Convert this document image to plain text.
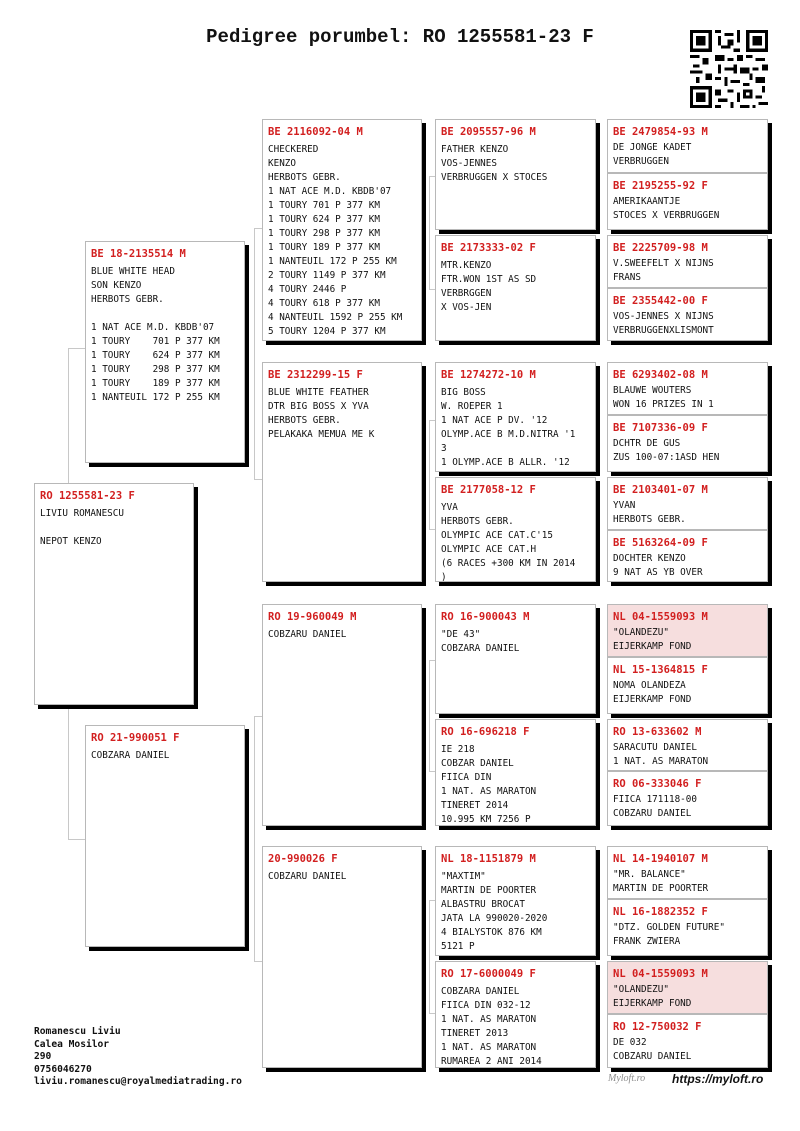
Pedigree porumbel: RO 1255581-23 F
RO 1255581-23 F
LIVIU ROMANESCU

NEPOT KENZO
BE 18-2135514 M
BLUE WHITE HEAD
SON KENZO
HERBOTS GEBR.

1 NAT ACE M.D. KBDB'07
1 TOURY    701 P 377 KM
1 TOURY    624 P 377 KM
1 TOURY    298 P 377 KM
1 TOURY    189 P 377 KM
1 NANTEUIL 172 P 255 KM
RO 21-990051 F
COBZARA DANIEL
BE 2116092-04 M
CHECKERED
KENZO
HERBOTS GEBR.
1 NAT ACE M.D. KBDB'07
1 TOURY 701 P 377 KM
1 TOURY 624 P 377 KM
1 TOURY 298 P 377 KM
1 TOURY 189 P 377 KM
1 NANTEUIL 172 P 255 KM
2 TOURY 1149 P 377 KM
4 TOURY 2446 P
4 TOURY 618 P 377 KM
4 NANTEUIL 1592 P 255 KM
5 TOURY 1204 P 377 KM
BE 2312299-15 F
BLUE WHITE FEATHER
DTR BIG BOSS X YVA
HERBOTS GEBR.
PELAKAKA MEMUA ME K
RO 19-960049 M
COBZARU DANIEL
20-990026 F
COBZARU DANIEL
BE 2095557-96 M
FATHER KENZO
VOS-JENNES
VERBRUGGEN X STOCES
BE 2173333-02 F
MTR.KENZO
FTR.WON 1ST AS SD
VERBRGGEN
X VOS-JEN
BE 1274272-10 M
BIG BOSS
W. ROEPER 1
1 NAT ACE P DV. '12
OLYMP.ACE B M.D.NITRA '1
3
1 OLYMP.ACE B ALLR. '12
BE 2177058-12 F
YVA
HERBOTS GEBR.
OLYMPIC ACE CAT.C'15
OLYMPIC ACE CAT.H
(6 RACES +300 KM IN 2014
)
RO 16-900043 M
"DE 43"
COBZARA DANIEL
RO 16-696218 F
IE 218
COBZAR DANIEL
FIICA DIN
1 NAT. AS MARATON
TINERET 2014
10.995 KM 7256 P
NL 18-1151879 M
"MAXTIM"
MARTIN DE POORTER
ALBASTRU BROCAT
JATA LA 990020-2020
4 BIALYSTOK 876 KM
5121 P
RO 17-6000049 F
COBZARA DANIEL
FIICA DIN 032-12
1 NAT. AS MARATON
TINERET 2013
1 NAT. AS MARATON
RUMAREA 2 ANI 2014
BE 2479854-93 M
DE JONGE KADET
VERBRUGGEN
BE 2195255-92 F
AMERIKAANTJE
STOCES X VERBRUGGEN
BE 2225709-98 M
V.SWEEFELT X NIJNS
FRANS
BE 2355442-00 F
VOS-JENNES X NIJNS
VERBRUGGENXLISMONT
BE 6293402-08 M
BLAUWE WOUTERS
WON 16 PRIZES IN 1
BE 7107336-09 F
DCHTR DE GUS
ZUS 100-07:1ASD HEN
BE 2103401-07 M
YVAN
HERBOTS GEBR.
BE 5163264-09 F
DOCHTER KENZO
9 NAT AS YB OVER
NL 04-1559093 M
"OLANDEZU"
EIJERKAMP FOND
NL 15-1364815 F
NOMA OLANDEZA
EIJERKAMP FOND
RO 13-633602 M
SARACUTU DANIEL
1 NAT. AS MARATON
RO 06-333046 F
FIICA 171118-00
COBZARU DANIEL
NL 14-1940107 M
"MR. BALANCE"
MARTIN DE POORTER
NL 16-1882352 F
"DTZ. GOLDEN FUTURE"
FRANK ZWIERA
NL 04-1559093 M
"OLANDEZU"
EIJERKAMP FOND
RO 12-750032 F
DE 032
COBZARU DANIEL
Romanescu Liviu
Calea Mosilor
290
0756046270
liviu.romanescu@royalmediatrading.ro	Myloft.ro https://myloft.ro
